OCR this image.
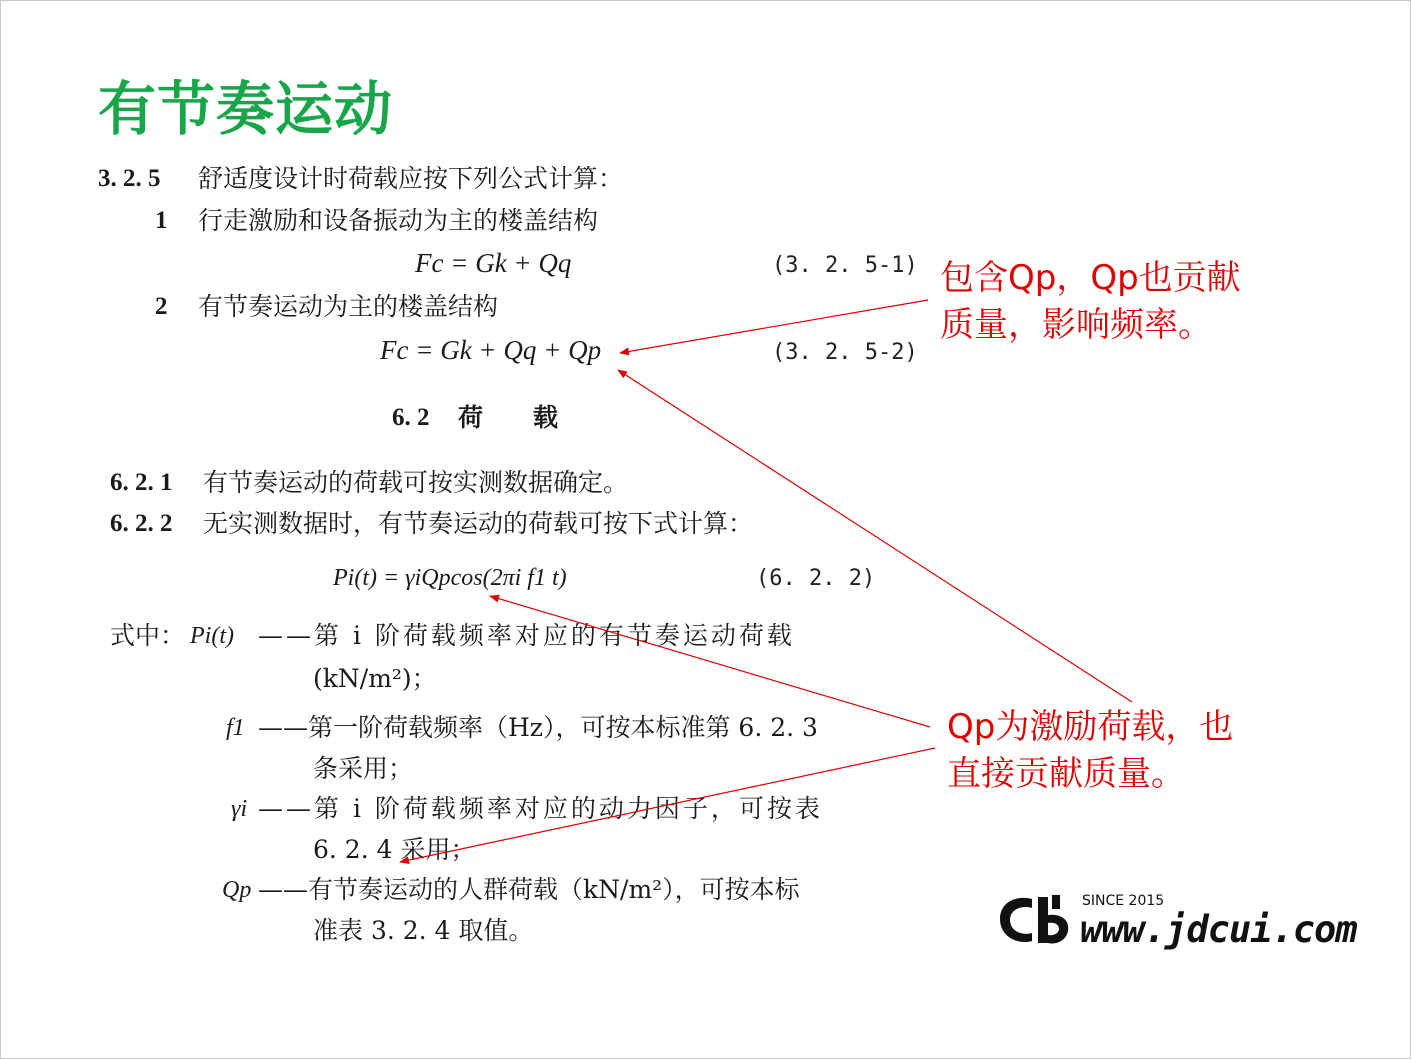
有节奏运动
3. 2. 5 舒适度设计时荷载应按下列公式计算：
1 行走激励和设备振动为主的楼盖结构
Fc = Gk + Qq	(3. 2. 5-1)
2 有节奏运动为主的楼盖结构
Fc = Gk + Qq + Qp	(3. 2. 5-2)
6. 2 荷　　载
6. 2. 1 有节奏运动的荷载可按实测数据确定。
6. 2. 2 无实测数据时，有节奏运动的荷载可按下式计算：
Pi(t) = γiQpcos(2πi f1 t)	(6. 2. 2)
式中： Pi(t) ——第 i 阶荷载频率对应的有节奏运动荷载
(kN/m²)；
f1 ——第一阶荷载频率（Hz），可按本标准第 6. 2. 3
条采用；
γi ——第 i 阶荷载频率对应的动力因子，可按表
6. 2. 4 采用；
Qp ——有节奏运动的人群荷载（kN/m²），可按本标
准表 3. 2. 4 取值。
包含Qp，Qp也贡献
质量，影响频率。
Qp为激励荷载，也
直接贡献质量。
SINCE 2015
www.jdcui.com
